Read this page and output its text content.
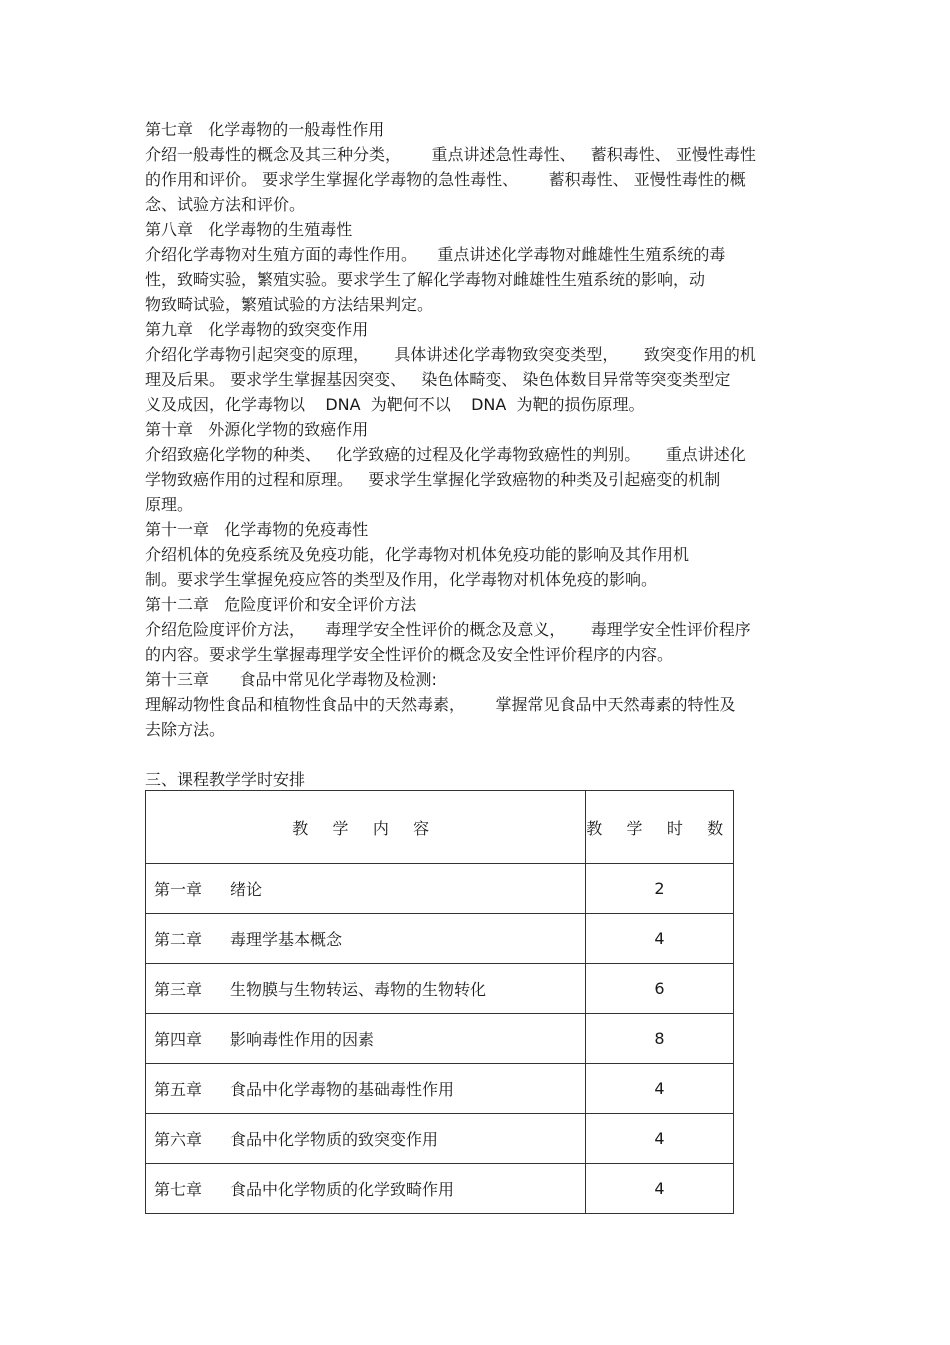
第七章   化学毒物的一般毒性作用
介绍一般毒性的概念及其三种分类，      重点讲述急性毒性、   蓄积毒性、 亚慢性毒性
的作用和评价。 要求学生掌握化学毒物的急性毒性、      蓄积毒性、 亚慢性毒性的概
念、试验方法和评价。
第八章   化学毒物的生殖毒性
介绍化学毒物对生殖方面的毒性作用。    重点讲述化学毒物对雌雄性生殖系统的毒
性，致畸实验，繁殖实验。要求学生了解化学毒物对雌雄性生殖系统的影响，动
物致畸试验，繁殖试验的方法结果判定。
第九章   化学毒物的致突变作用
介绍化学毒物引起突变的原理，     具体讲述化学毒物致突变类型，     致突变作用的机
理及后果。 要求学生掌握基因突变、   染色体畸变、 染色体数目异常等突变类型定
义及成因，化学毒物以    DNA  为靶何不以    DNA  为靶的损伤原理。
第十章   外源化学物的致癌作用
介绍致癌化学物的种类、   化学致癌的过程及化学毒物致癌性的判别。     重点讲述化
学物致癌作用的过程和原理。   要求学生掌握化学致癌物的种类及引起癌变的机制
原理。
第十一章   化学毒物的免疫毒性
介绍机体的免疫系统及免疫功能，化学毒物对机体免疫功能的影响及其作用机
制。要求学生掌握免疫应答的类型及作用，化学毒物对机体免疫的影响。
第十二章   危险度评价和安全评价方法
介绍危险度评价方法，    毒理学安全性评价的概念及意义，     毒理学安全性评价程序
的内容。要求学生掌握毒理学安全性评价的概念及安全性评价程序的内容。
第十三章      食品中常见化学毒物及检测:
理解动物性食品和植物性食品中的天然毒素，      掌握常见食品中天然毒素的特性及
去除方法。
三、课程教学学时安排
教 学 内 容	教 学 时 数
第一章 绪论	2
第二章 毒理学基本概念	4
第三章 生物膜与生物转运、毒物的生物转化	6
第四章 影响毒性作用的因素	8
第五章 食品中化学毒物的基础毒性作用	4
第六章 食品中化学物质的致突变作用	4
第七章 食品中化学物质的化学致畸作用	4
